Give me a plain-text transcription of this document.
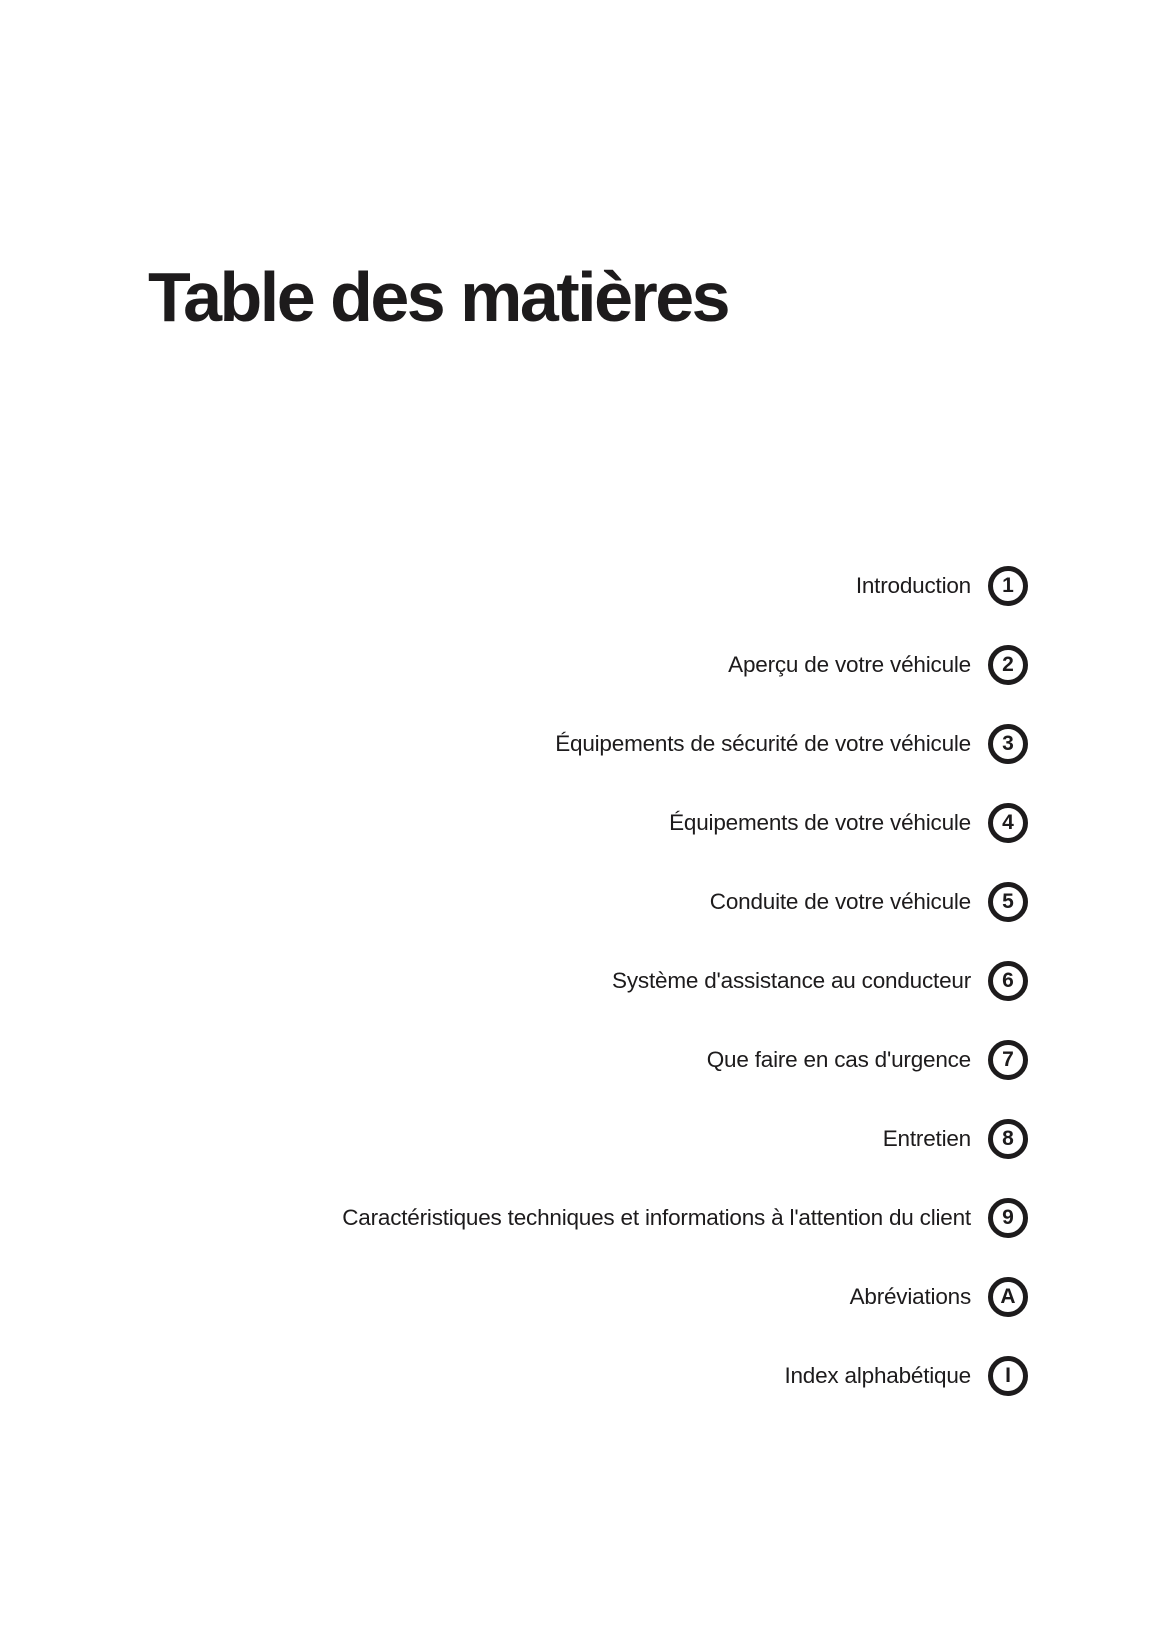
Table des matières
Introduction	1
Aperçu de votre véhicule	2
Équipements de sécurité de votre véhicule	3
Équipements de votre véhicule	4
Conduite de votre véhicule	5
Système d'assistance au conducteur	6
Que faire en cas d'urgence	7
Entretien	8
Caractéristiques techniques et informations à l'attention du client	9
Abréviations	A
Index alphabétique	I
